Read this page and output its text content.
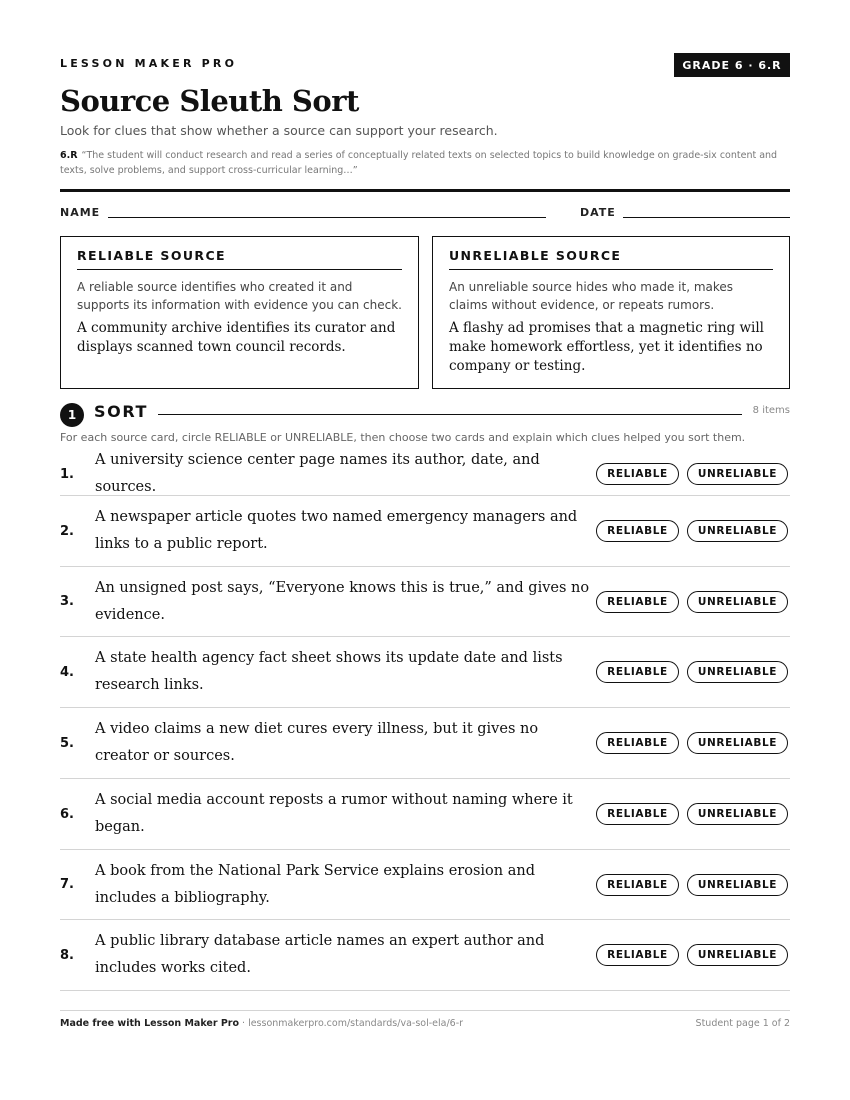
LESSON MAKER PRO	GRADE 6 · 6.R
Source Sleuth Sort
Look for clues that show whether a source can support your research.
6.R “The student will conduct research and read a series of conceptually related texts on selected topics to build knowledge on grade-six content and texts, solve problems, and support cross-curricular learning…”
NAME	DATE
RELIABLE SOURCE
A reliable source identifies who created it and supports its information with evidence you can check.
A community archive identifies its curator and displays scanned town council records.
UNRELIABLE SOURCE
An unreliable source hides who made it, makes claims without evidence, or repeats rumors.
A flashy ad promises that a magnetic ring will make homework effortless, yet it identifies no company or testing.
1	SORT	8 items
For each source card, circle RELIABLE or UNRELIABLE, then choose two cards and explain which clues helped you sort them.
1.
A university science center page names its author, date, and sources.
RELIABLE	UNRELIABLE
2.
A newspaper article quotes two named emergency managers and links to a public report.
RELIABLE	UNRELIABLE
3.
An unsigned post says, “Everyone knows this is true,” and gives no evidence.
RELIABLE	UNRELIABLE
4.
A state health agency fact sheet shows its update date and lists research links.
RELIABLE	UNRELIABLE
5.
A video claims a new diet cures every illness, but it gives no creator or sources.
RELIABLE	UNRELIABLE
6.
A social media account reposts a rumor without naming where it began.
RELIABLE	UNRELIABLE
7.
A book from the National Park Service explains erosion and includes a bibliography.
RELIABLE	UNRELIABLE
8.
A public library database article names an expert author and includes works cited.
RELIABLE	UNRELIABLE
Made free with Lesson Maker Pro · lessonmakerpro.com/standards/va-sol-ela/6-r	Student page 1 of 2
